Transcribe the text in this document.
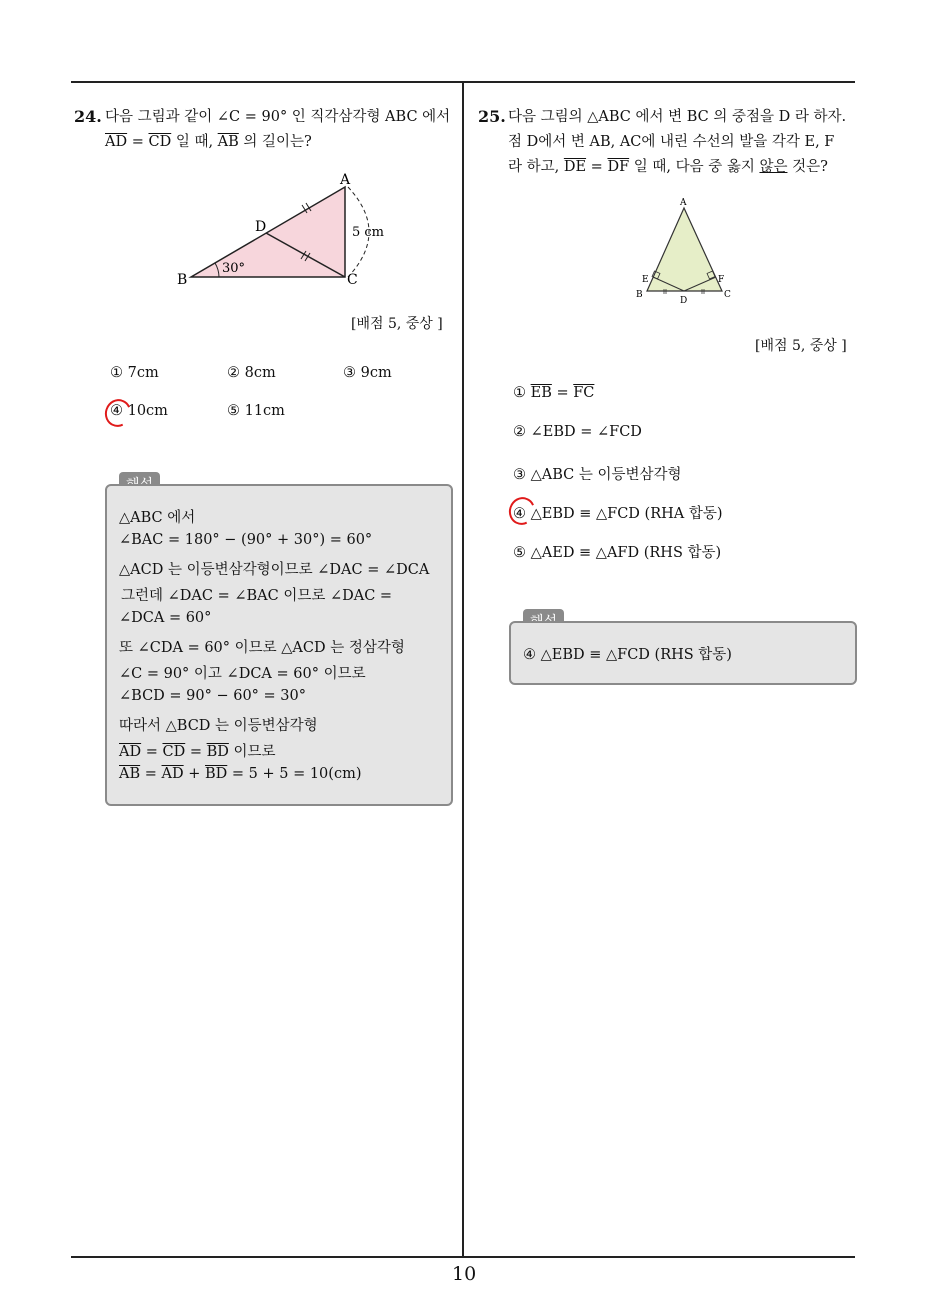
10
24. 다음 그림과 같이 ∠C = 90° 인 직각삼각형 ABC 에서
$\overline{AD} = \overline{CD}$ 일 때, $\overline{AB}$ 의 길이는?
A
B	C
D
30°
5 cm
[배점 5, 중상 ]
① 7cm	② 8cm	③ 9cm
④ 10cm	⑤ 11cm
△ABC 에서
∠BAC = 180° − (90° + 30°) = 60°
△ACD 는 이등변삼각형이므로 ∠DAC = ∠DCA
그런데 ∠DAC = ∠BAC 이므로 ∠DAC =
∠DCA = 60°
또 ∠CDA = 60° 이므로 △ACD 는 정삼각형
∠C = 90° 이고 ∠DCA = 60° 이므로
∠BCD = 90° − 60° = 30°
따라서 △BCD 는 이등변삼각형
$\overline{AD} = \overline{CD} = \overline{BD}$ 이므로
$\overline{AB} = \overline{AD} + \overline{BD} = 5 + 5 = 10(cm)$
25. 다음 그림의 △ABC 에서 변 BC 의 중점을 D 라 하자.
점 D에서 변 AB, AC에 내린 수선의 발을 각각 E, F
라 하고, $\overline{DE} = \overline{DF}$ 일 때, 다음 중 옳지 않은 것은?
A
B	C
D
E	F
[배점 5, 중상 ]
① $\overline{EB} = \overline{FC}$
② ∠EBD = ∠FCD
③ △ABC 는 이등변삼각형
④ △EBD ≡ △FCD (RHA 합동)
⑤ △AED ≡ △AFD (RHS 합동)
④ △EBD ≡ △FCD (RHS 합동)
